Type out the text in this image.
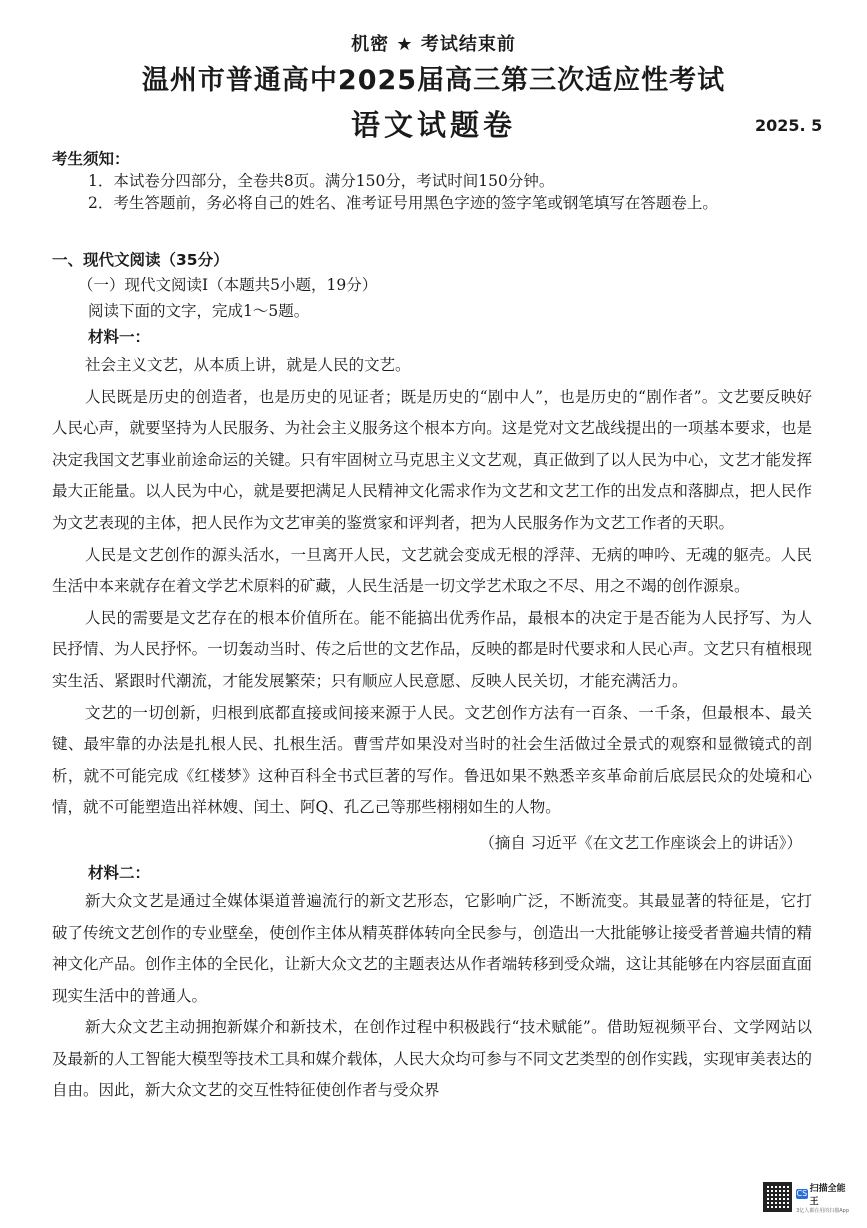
机密 ★ 考试结束前
温州市普通高中2025届高三第三次适应性考试
语文试题卷	2025. 5
考生须知：
1．本试卷分四部分，全卷共8页。满分150分，考试时间150分钟。
2．考生答题前，务必将自己的姓名、准考证号用黑色字迹的签字笔或钢笔填写在答题卷上。
一、现代文阅读（35分）
（一）现代文阅读Ⅰ（本题共5小题，19分）
阅读下面的文字，完成1～5题。
材料一：

社会主义文艺，从本质上讲，就是人民的文艺。

人民既是历史的创造者，也是历史的见证者；既是历史的“剧中人”，也是历史的“剧作者”。文艺要反映好人民心声，就要坚持为人民服务、为社会主义服务这个根本方向。这是党对文艺战线提出的一项基本要求，也是决定我国文艺事业前途命运的关键。只有牢固树立马克思主义文艺观，真正做到了以人民为中心，文艺才能发挥最大正能量。以人民为中心，就是要把满足人民精神文化需求作为文艺和文艺工作的出发点和落脚点，把人民作为文艺表现的主体，把人民作为文艺审美的鉴赏家和评判者，把为人民服务作为文艺工作者的天职。

人民是文艺创作的源头活水，一旦离开人民，文艺就会变成无根的浮萍、无病的呻吟、无魂的躯壳。人民生活中本来就存在着文学艺术原料的矿藏，人民生活是一切文学艺术取之不尽、用之不竭的创作源泉。

人民的需要是文艺存在的根本价值所在。能不能搞出优秀作品，最根本的决定于是否能为人民抒写、为人民抒情、为人民抒怀。一切轰动当时、传之后世的文艺作品，反映的都是时代要求和人民心声。文艺只有植根现实生活、紧跟时代潮流，才能发展繁荣；只有顺应人民意愿、反映人民关切，才能充满活力。

文艺的一切创新，归根到底都直接或间接来源于人民。文艺创作方法有一百条、一千条，但最根本、最关键、最牢靠的办法是扎根人民、扎根生活。曹雪芹如果没对当时的社会生活做过全景式的观察和显微镜式的剖析，就不可能完成《红楼梦》这种百科全书式巨著的写作。鲁迅如果不熟悉辛亥革命前后底层民众的处境和心情，就不可能塑造出祥林嫂、闰土、阿Q、孔乙己等那些栩栩如生的人物。

（摘自 习近平《在文艺工作座谈会上的讲话》）
材料二：

新大众文艺是通过全媒体渠道普遍流行的新文艺形态，它影响广泛，不断流变。其最显著的特征是，它打破了传统文艺创作的专业壁垒，使创作主体从精英群体转向全民参与，创造出一大批能够让接受者普遍共情的精神文化产品。创作主体的全民化，让新大众文艺的主题表达从作者端转移到受众端，这让其能够在内容层面直面现实生活中的普通人。

新大众文艺主动拥抱新媒介和新技术，在创作过程中积极践行“技术赋能”。借助短视频平台、文学网站以及最新的人工智能大模型等技术工具和媒介载体，人民大众均可参与不同文艺类型的创作实践，实现审美表达的自由。因此，新大众文艺的交互性特征使创作者与受众界

CS 扫描全能王
3亿人都在用的扫描App
